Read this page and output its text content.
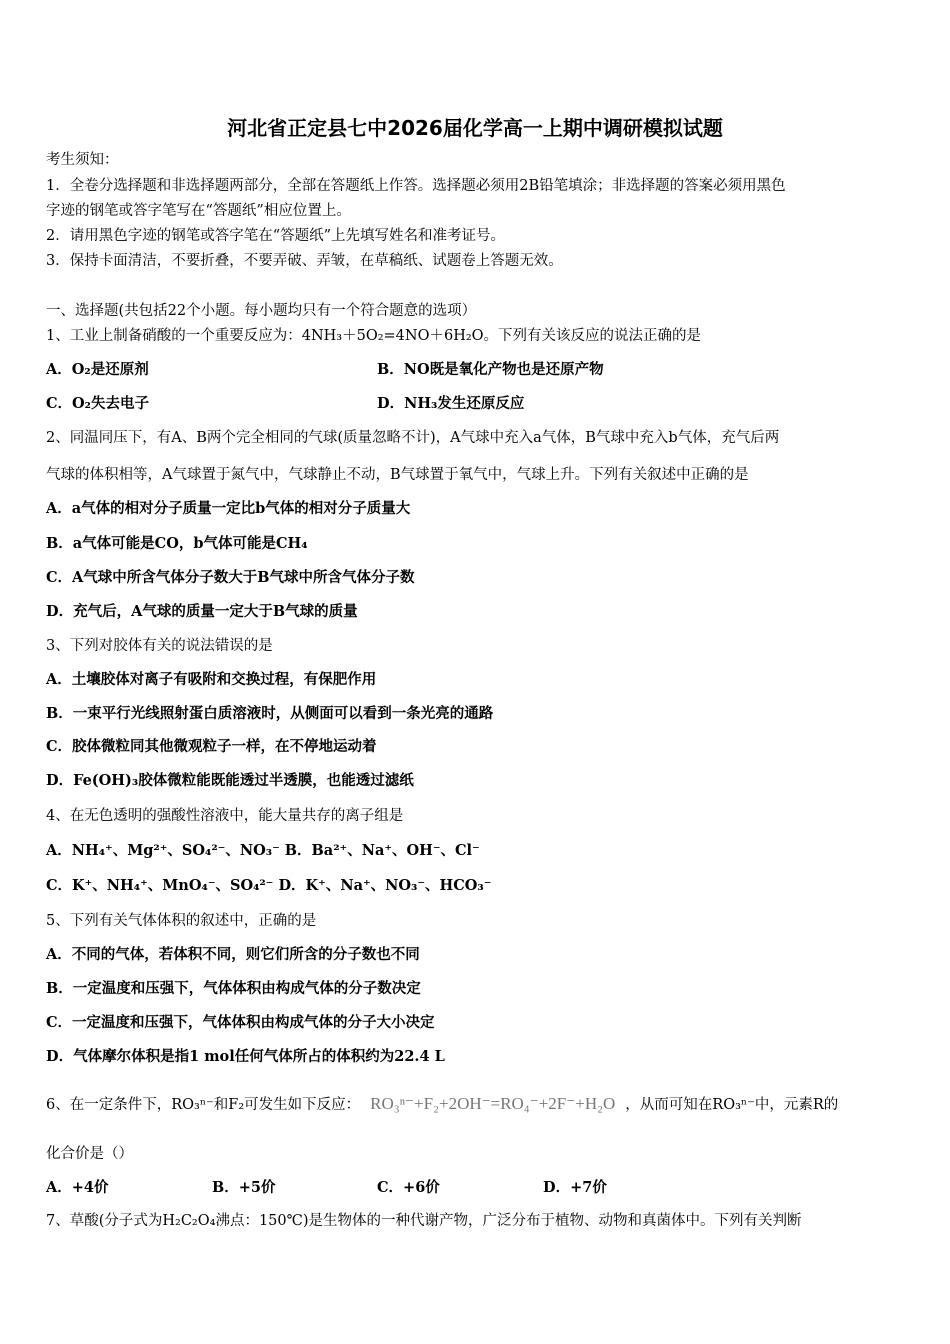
河北省正定县七中2026届化学高一上期中调研模拟试题
考生须知：
1．全卷分选择题和非选择题两部分，全部在答题纸上作答。选择题必须用2B铅笔填涂；非选择题的答案必须用黑色
字迹的钢笔或答字笔写在“答题纸”相应位置上。
2．请用黑色字迹的钢笔或答字笔在“答题纸”上先填写姓名和准考证号。
3．保持卡面清洁，不要折叠，不要弄破、弄皱，在草稿纸、试题卷上答题无效。
一、选择题(共包括22个小题。每小题均只有一个符合题意的选项）
1、工业上制备硝酸的一个重要反应为：4NH₃＋5O₂=4NO＋6H₂O。下列有关该反应的说法正确的是
A．O₂是还原剂	B．NO既是氧化产物也是还原产物
C．O₂失去电子	D．NH₃发生还原反应
2、同温同压下，有A、B两个完全相同的气球(质量忽略不计)，A气球中充入a气体，B气球中充入b气体，充气后两
气球的体积相等，A气球置于氮气中，气球静止不动，B气球置于氧气中，气球上升。下列有关叙述中正确的是
A．a气体的相对分子质量一定比b气体的相对分子质量大
B．a气体可能是CO，b气体可能是CH₄
C．A气球中所含气体分子数大于B气球中所含气体分子数
D．充气后，A气球的质量一定大于B气球的质量
3、下列对胶体有关的说法错误的是
A．土壤胶体对离子有吸附和交换过程，有保肥作用
B．一束平行光线照射蛋白质溶液时，从侧面可以看到一条光亮的通路
C．胶体微粒同其他微观粒子一样，在不停地运动着
D．Fe(OH)₃胶体微粒能既能透过半透膜，也能透过滤纸
4、在无色透明的强酸性溶液中，能大量共存的离子组是
A．NH₄⁺、Mg²⁺、SO₄²⁻、NO₃⁻ B．Ba²⁺、Na⁺、OH⁻、Cl⁻
C．K⁺、NH₄⁺、MnO₄⁻、SO₄²⁻ D．K⁺、Na⁺、NO₃⁻、HCO₃⁻
5、下列有关气体体积的叙述中，正确的是
A．不同的气体，若体积不同，则它们所含的分子数也不同
B．一定温度和压强下，气体体积由构成气体的分子数决定
C．一定温度和压强下，气体体积由构成气体的分子大小决定
D．气体摩尔体积是指1 mol任何气体所占的体积约为22.4 L
6、在一定条件下，RO₃ⁿ⁻和F₂可发生如下反应： RO₃ⁿ⁻+F₂+2OH⁻=RO₄⁻+2F⁻+H₂O ，从而可知在RO₃ⁿ⁻中，元素R的
化合价是（）
A．+4价	B．+5价	C．+6价	D．+7价
7、草酸(分子式为H₂C₂O₄沸点：150℃)是生物体的一种代谢产物，广泛分布于植物、动物和真菌体中。下列有关判断
